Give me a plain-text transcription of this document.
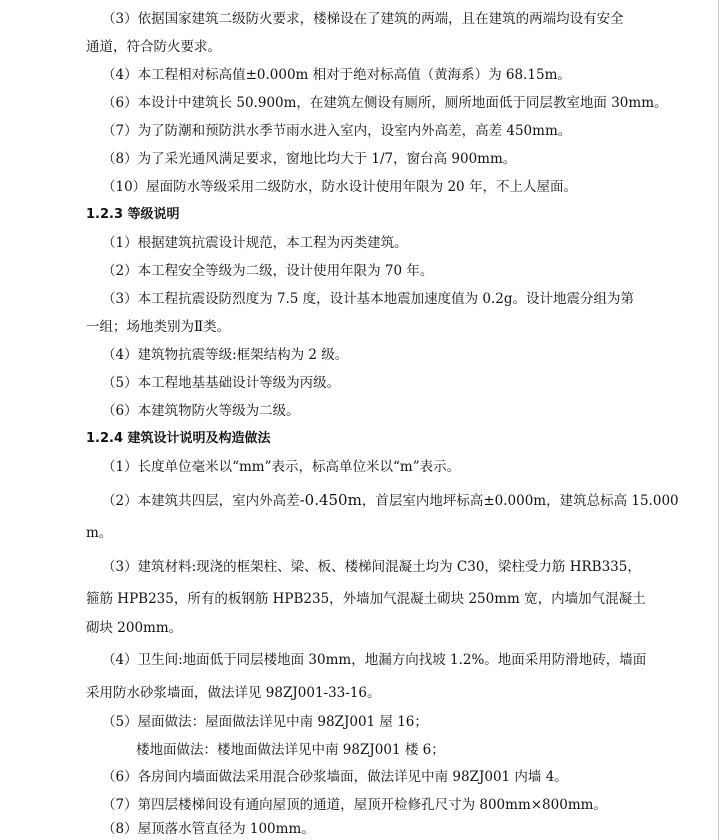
（3）依据国家建筑二级防火要求，楼梯设在了建筑的两端，且在建筑的两端均设有安全
通道，符合防火要求。
（4）本工程相对标高值±0.000m 相对于绝对标高值（黄海系）为 68.15m。
（6）本设计中建筑长 50.900m，在建筑左侧设有厕所，厕所地面低于同层教室地面 30mm。
（7）为了防潮和预防洪水季节雨水进入室内，设室内外高差，高差 450mm。
（8）为了采光通风满足要求，窗地比均大于 1/7，窗台高 900mm。
（10）屋面防水等级采用二级防水，防水设计使用年限为 20 年，不上人屋面。
1.2.3 等级说明
（1）根据建筑抗震设计规范，本工程为丙类建筑。
（2）本工程安全等级为二级，设计使用年限为 70 年。
（3）本工程抗震设防烈度为 7.5 度，设计基本地震加速度值为 0.2g。设计地震分组为第
一组；场地类别为Ⅱ类。
（4）建筑物抗震等级:框架结构为 2 级。
（5）本工程地基基础设计等级为丙级。
（6）本建筑物防火等级为二级。
1.2.4 建筑设计说明及构造做法
（1）长度单位毫米以“mm”表示，标高单位米以“m”表示。
（2）本建筑共四层，室内外高差-0.450m，首层室内地坪标高±0.000m，建筑总标高 15.000
m。
（3）建筑材料:现浇的框架柱、梁、板、楼梯间混凝土均为 C30，梁柱受力筋 HRB335，
箍筋 HPB235，所有的板钢筋 HPB235，外墙加气混凝土砌块 250mm 宽，内墙加气混凝土
砌块 200mm。
（4）卫生间:地面低于同层楼地面 30mm，地漏方向找坡 1.2%。地面采用防滑地砖，墙面
采用防水砂浆墙面，做法详见 98ZJ001-33-16。
（5）屋面做法：屋面做法详见中南 98ZJ001 屋 16；
楼地面做法：楼地面做法详见中南 98ZJ001 楼 6；
（6）各房间内墙面做法采用混合砂浆墙面，做法详见中南 98ZJ001 内墙 4。
（7）第四层楼梯间设有通向屋顶的通道，屋顶开检修孔尺寸为 800mm×800mm。
（8）屋顶落水管直径为 100mm。
